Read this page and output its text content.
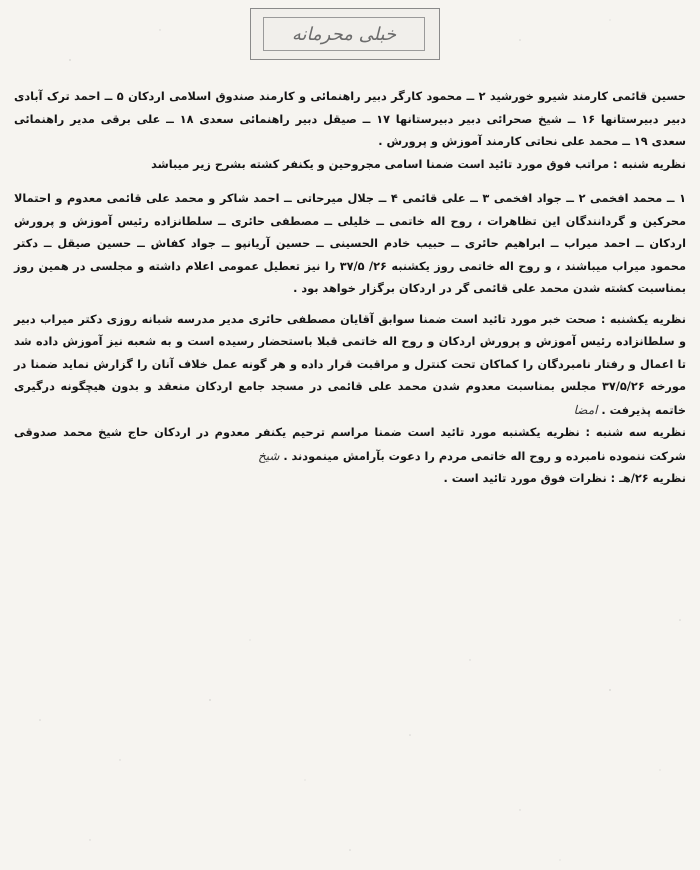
خبلی محرمانه

حسین قائمی کارمند شیرو خورشید ۲ ــ محمود کارگر دبیر راهنمائی و کارمند صندوق اسلامی اردکان ۵ ــ احمد ترک آبادی دبیر دبیرستانها ۱۶ ــ شیخ صحرائی دبیر دبیرستانها ۱۷ ــ صیقل دبیر راهنمائی سعدی ۱۸ ــ علی برقی مدیر راهنمائی سعدی ۱۹ ــ محمد علی نحاتی کارمند آموزش و پرورش .

نظریه شنبه : مراتب فوق مورد تائید است ضمنا اسامی مجروحین و یکنفر کشته بشرح زیر میباشد

۱ ــ محمد افخمی ۲ ــ جواد افخمی ۳ ــ علی قائمی ۴ ــ جلال میرحاتی ــ احمد شاکر و محمد علی قائمی معدوم و احتمالا محرکین و گردانندگان این تظاهرات ، روح اله خاتمی ــ خلیلی ــ مصطفی حائری ــ سلطانزاده رئیس آموزش و پرورش اردکان ــ احمد میراب ــ ابراهیم حائری ــ حبیب خادم الحسینی ــ حسین آریانپو ــ جواد کفاش ــ حسین صیقل ــ دکتر محمود میراب میباشند ، و روح اله خاتمی روز یکشنبه ۲۶/ ۳۷/۵ را نیز تعطیل عمومی اعلام داشته و مجلسی در همین روز بمناسبت کشته شدن محمد علی قائمی گر در اردکان برگزار خواهد بود .

نظریه یکشنبه : صحت خبر مورد تائید است ضمنا سوابق آقایان مصطفی حائری مدیر مدرسه شبانه روزی دکتر میراب دبیر و سلطانزاده رئیس آموزش و پرورش اردکان و روح اله خاتمی قبلا باستحضار رسیده است و به شعبه نیز آموزش داده شد تا اعمال و رفتار نامبردگان را کماکان تحت کنترل و مراقبت قرار داده و هر گونه عمل خلاف آنان را گزارش نماید ضمنا در مورخه ۳۷/۵/۲۶ مجلس بمناسبت معدوم شدن محمد علی قائمی در مسجد جامع اردکان منعقد و بدون هیچگونه درگیری خاتمه پذیرفت . امضا

نظریه سه شنبه : نظریه یکشنبه مورد تائید است ضمنا مراسم ترحیم یکنفر معدوم در اردکان حاج شیخ محمد صدوقی شرکت ننموده نامبرده و روح اله خاتمی مردم را دعوت بآرامش مینمودند . شیخ

نظریه ۲۶/هـ : نظرات فوق مورد تائید است .
